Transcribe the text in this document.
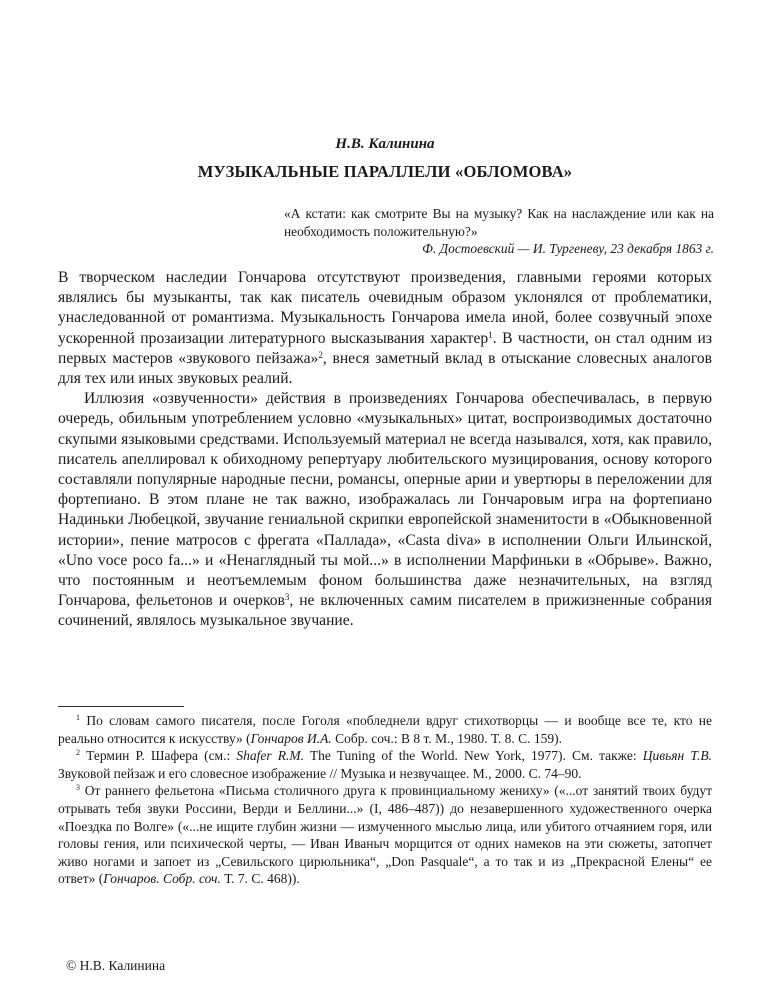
Н.В. Калинина
МУЗЫКАЛЬНЫЕ ПАРАЛЛЕЛИ «ОБЛОМОВА»
«А кстати: как смотрите Вы на музыку? Как на наслаждение или как на необходимость положительную?»
Ф. Достоевский — И. Тургеневу, 23 декабря 1863 г.

В творческом наследии Гончарова отсутствуют произведения, главными героями которых являлись бы музыканты, так как писатель очевидным образом уклонялся от проблематики, унаследованной от романтизма. Музыкальность Гончарова имела иной, более созвучный эпохе ускоренной прозаизации литературного высказывания характер$^1$. В частности, он стал одним из первых мастеров «звукового пейзажа»$^2$, внеся заметный вклад в отыскание словесных аналогов для тех или иных звуковых реалий.

Иллюзия «озвученности» действия в произведениях Гончарова обеспечивалась, в первую очередь, обильным употреблением условно «музыкальных» цитат, воспроизводимых достаточно скупыми языковыми средствами. Используемый материал не всегда назывался, хотя, как правило, писатель апеллировал к обиходному репертуару любительского музицирования, основу которого составляли популярные народные песни, романсы, оперные арии и увертюры в переложении для фортепиано. В этом плане не так важно, изображалась ли Гончаровым игра на фортепиано Надиньки Любецкой, звучание гениальной скрипки европейской знаменитости в «Обыкновенной истории», пение матросов с фрегата «Паллада», «Casta diva» в исполнении Ольги Ильинской, «Uno voce poco fa...» и «Ненаглядный ты мой...» в исполнении Марфиньки в «Обрыве». Важно, что постоянным и неотъемлемым фоном большинства даже незначительных, на взгляд Гончарова, фельетонов и очерков$^3$, не включенных самим писателем в прижизненные собрания сочинений, являлось музыкальное звучание.

$^1$ По словам самого писателя, после Гоголя «побледнели вдруг стихотворцы — и вообще все те, кто не реально относится к искусству» (Гончаров И.А. Собр. соч.: В 8 т. М., 1980. Т. 8. С. 159).

$^2$ Термин Р. Шафера (см.: Shafer R.M. The Tuning of the World. New York, 1977). См. также: Цивьян Т.В. Звуковой пейзаж и его словесное изображение // Музыка и незвучащее. М., 2000. С. 74–90.

$^3$ От раннего фельетона «Письма столичного друга к провинциальному жениху» («...от занятий твоих будут отрывать тебя звуки Россини, Верди и Беллини...» (I, 486–487)) до незавершенного художественного очерка «Поездка по Волге» («...не ищите глубин жизни — измученного мыслью лица, или убитого отчаянием горя, или головы гения, или психической черты, — Иван Иваныч морщится от одних намеков на эти сюжеты, затопчет живо ногами и запоет из „Севильского цирюльника“, „Don Pasquale“, а то так и из „Прекрасной Елены“ ее ответ» (Гончаров. Собр. соч. Т. 7. С. 468)).

© Н.В. Калинина
